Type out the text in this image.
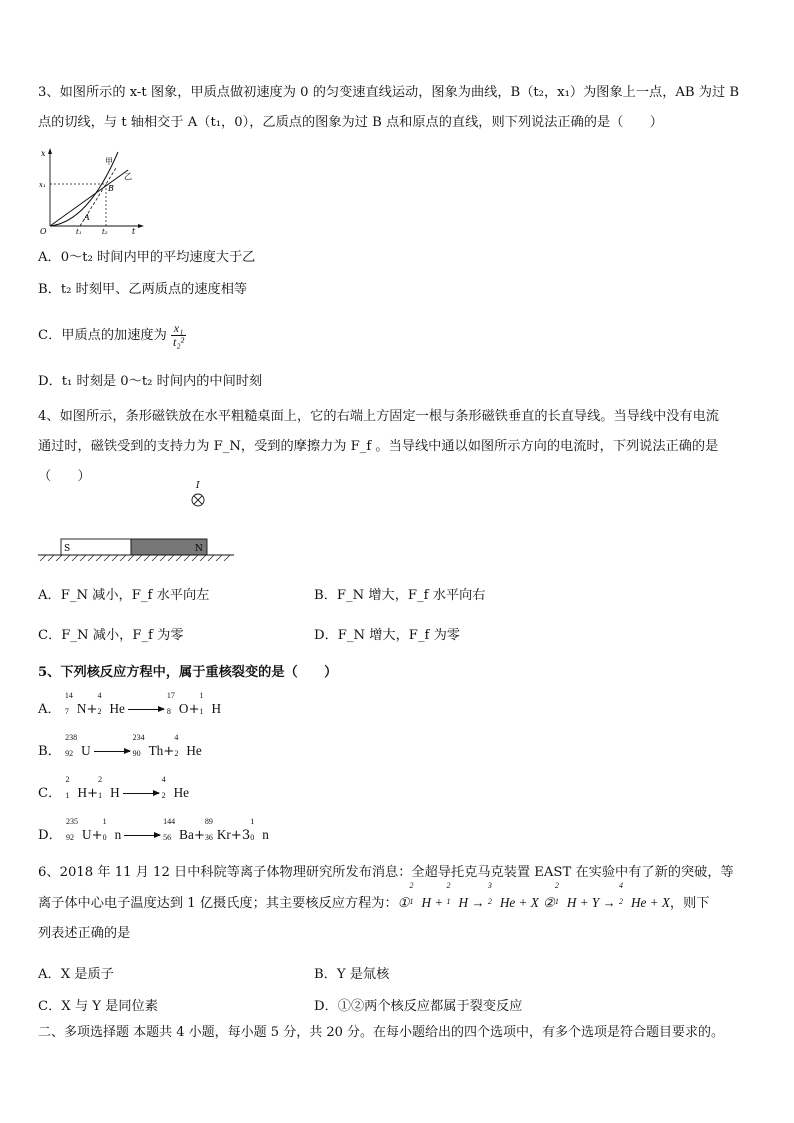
3、如图所示的 x-t 图象，甲质点做初速度为 0 的匀变速直线运动，图象为曲线，B（t₂，x₁）为图象上一点，AB 为过 B
点的切线，与 t 轴相交于 A（t₁，0），乙质点的图象为过 B 点和原点的直线，则下列说法正确的是（　　）
x
x₁
甲
乙
B
A
O	t₁	t₂	t
A．0～t₂ 时间内甲的平均速度大于乙
B．t₂ 时刻甲、乙两质点的速度相等
C．甲质点的加速度为 $\frac{\text{x₁}}{\text{t₂²}}$
D．t₁ 时刻是 0～t₂ 时间内的中间时刻
4、如图所示，条形磁铁放在水平粗糙桌面上，它的右端上方固定一根与条形磁铁垂直的长直导线。当导线中没有电流
通过时，磁铁受到的支持力为 F_N，受到的摩擦力为 F_f 。当导线中通以如图所示方向的电流时，下列说法正确的是（　　）
I
S	N
A．F_N 减小，F_f 水平向左	B．F_N 增大，F_f 水平向右
C．F_N 减小，F_f 为零	D．F_N 增大，F_f 为零
5、下列核反应方程中，属于重核裂变的是（　　）
A．
14
7 N+
4
2 He →
17
8 O+
1
1 H
B．
238
92 U →
234
90 Th+
4
2 He
C．
2
1 H+
2
1 H →
4
2 He
D．
235
92 U+
1
0 n →
144
56 Ba+
89
36 Kr+3
1
0 n
6、2018 年 11 月 12 日中科院等离子体物理研究所发布消息：全超导托克马克装置 EAST 在实验中有了新的突破，等
离子体中心电子温度达到 1 亿摄氏度；其主要核反应方程为：①
2
1 H +
2
1 H →
3
2 He + X ②
2
1 H + Y →
4
2 He + X，则下
列表述正确的是
A．X 是质子	B．Y 是氚核
C．X 与 Y 是同位素	D．①②两个核反应都属于裂变反应
二、多项选择题 本题共 4 小题，每小题 5 分，共 20 分。在每小题给出的四个选项中，有多个选项是符合题目要求的。
